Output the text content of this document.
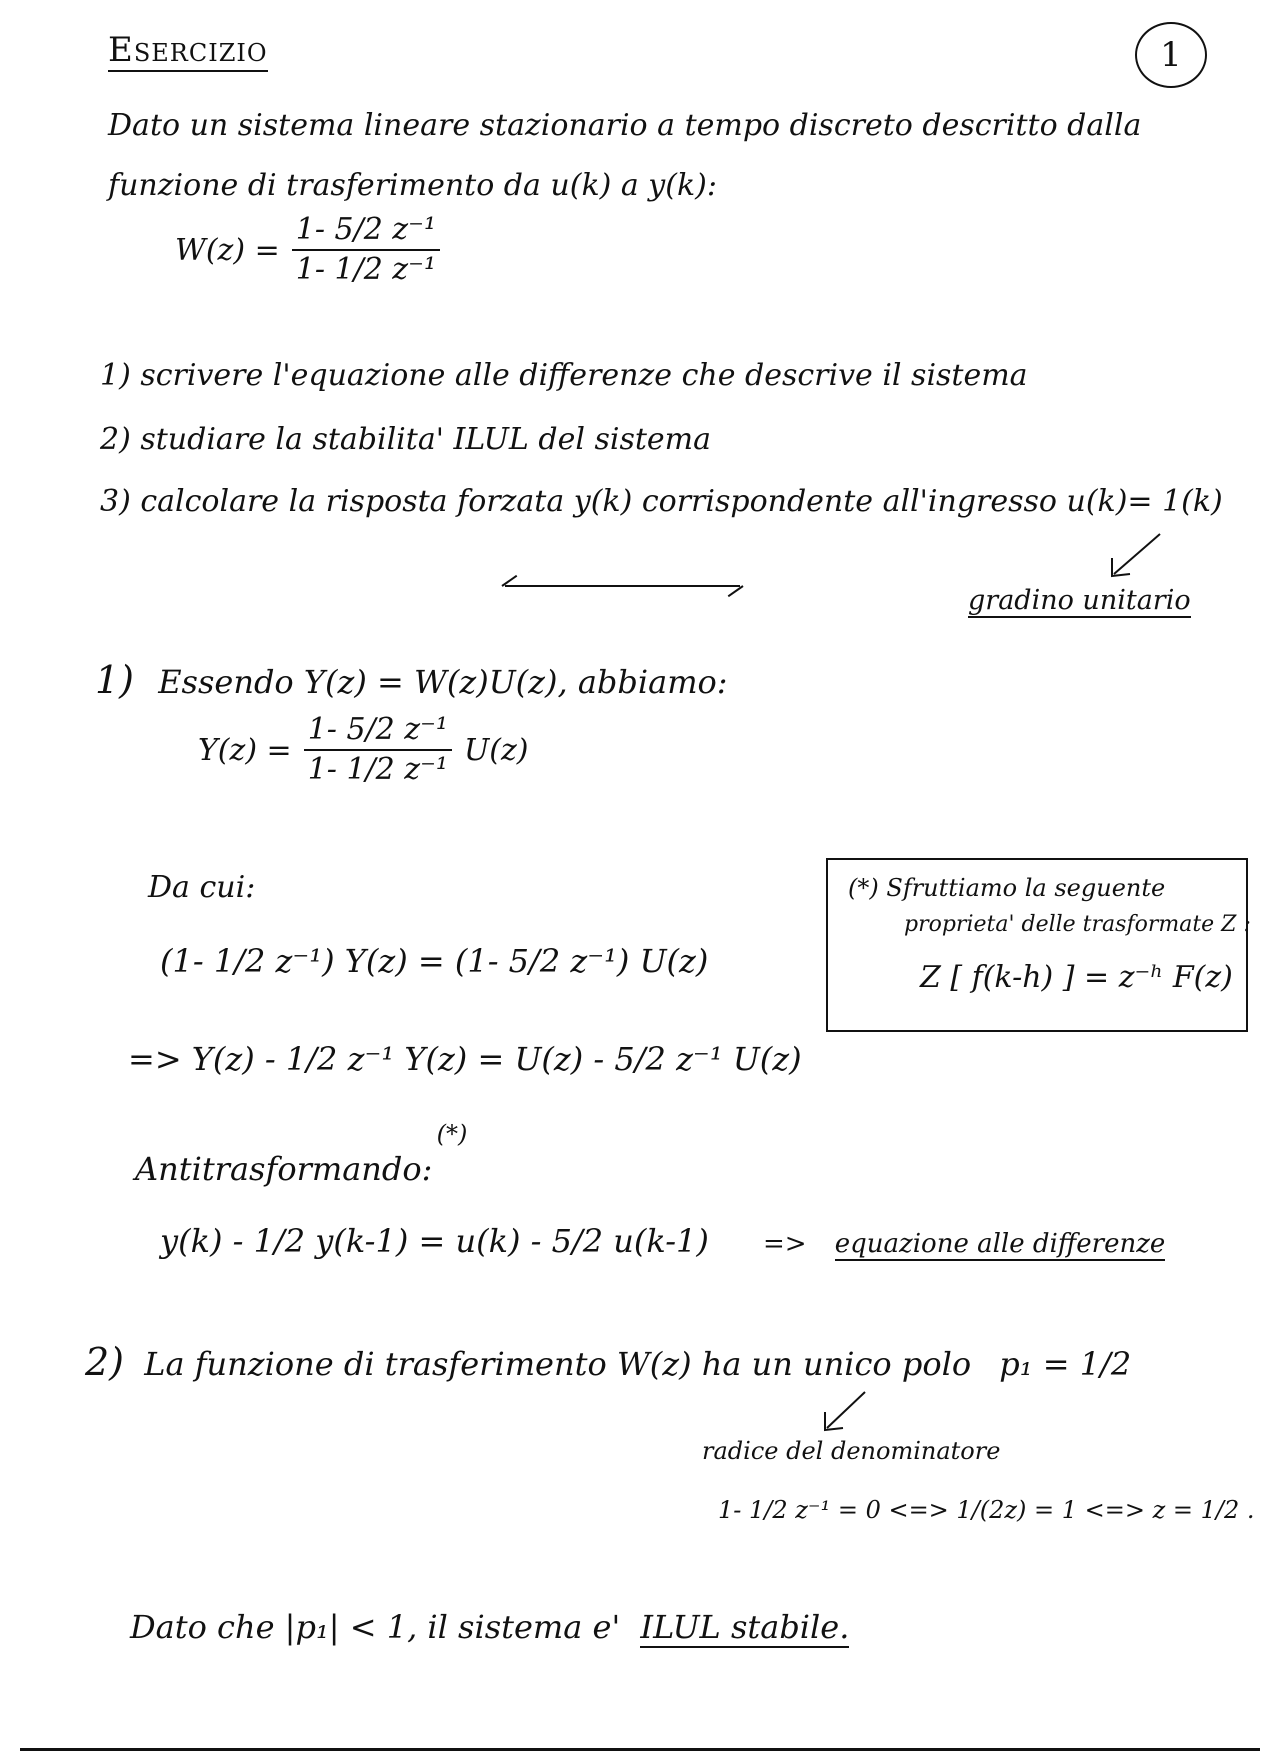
Esercizio	1
Dato un sistema lineare stazionario a tempo discreto descritto dalla
funzione di trasferimento da u(k) a y(k):
$W(z) = \frac{\text{1- 5/2 z⁻¹}}{\text{1- 1/2 z⁻¹}}$
1) scrivere l'equazione alle differenze che descrive il sistema
2) studiare la stabilita' ILUL del sistema
3) calcolare la risposta forzata y(k) corrispondente all'ingresso u(k)= 1(k)
gradino unitario
1) Essendo Y(z) = W(z)U(z), abbiamo:
$Y(z) = \frac{\text{1- 5/2 z⁻¹}}{\text{1- 1/2 z⁻¹}} U(z)$
Da cui:
(1- 1/2 z⁻¹) Y(z) = (1- 5/2 z⁻¹) U(z)
=> Y(z) - 1/2 z⁻¹ Y(z) = U(z) - 5/2 z⁻¹ U(z)
Antitrasformando: (*)
y(k) - 1/2 y(k-1) = u(k) - 5/2 u(k-1) => equazione alle differenze
(*) Sfruttiamo la seguente
proprieta' delle trasformate Z :
Z [ f(k-h) ] = z⁻ʰ F(z)
2) La funzione di trasferimento W(z) ha un unico polo p₁ = 1/2
radice del denominatore
1- 1/2 z⁻¹ = 0 <=> 1/(2z) = 1 <=> z = 1/2 .
Dato che |p₁| < 1, il sistema e' ILUL stabile.
